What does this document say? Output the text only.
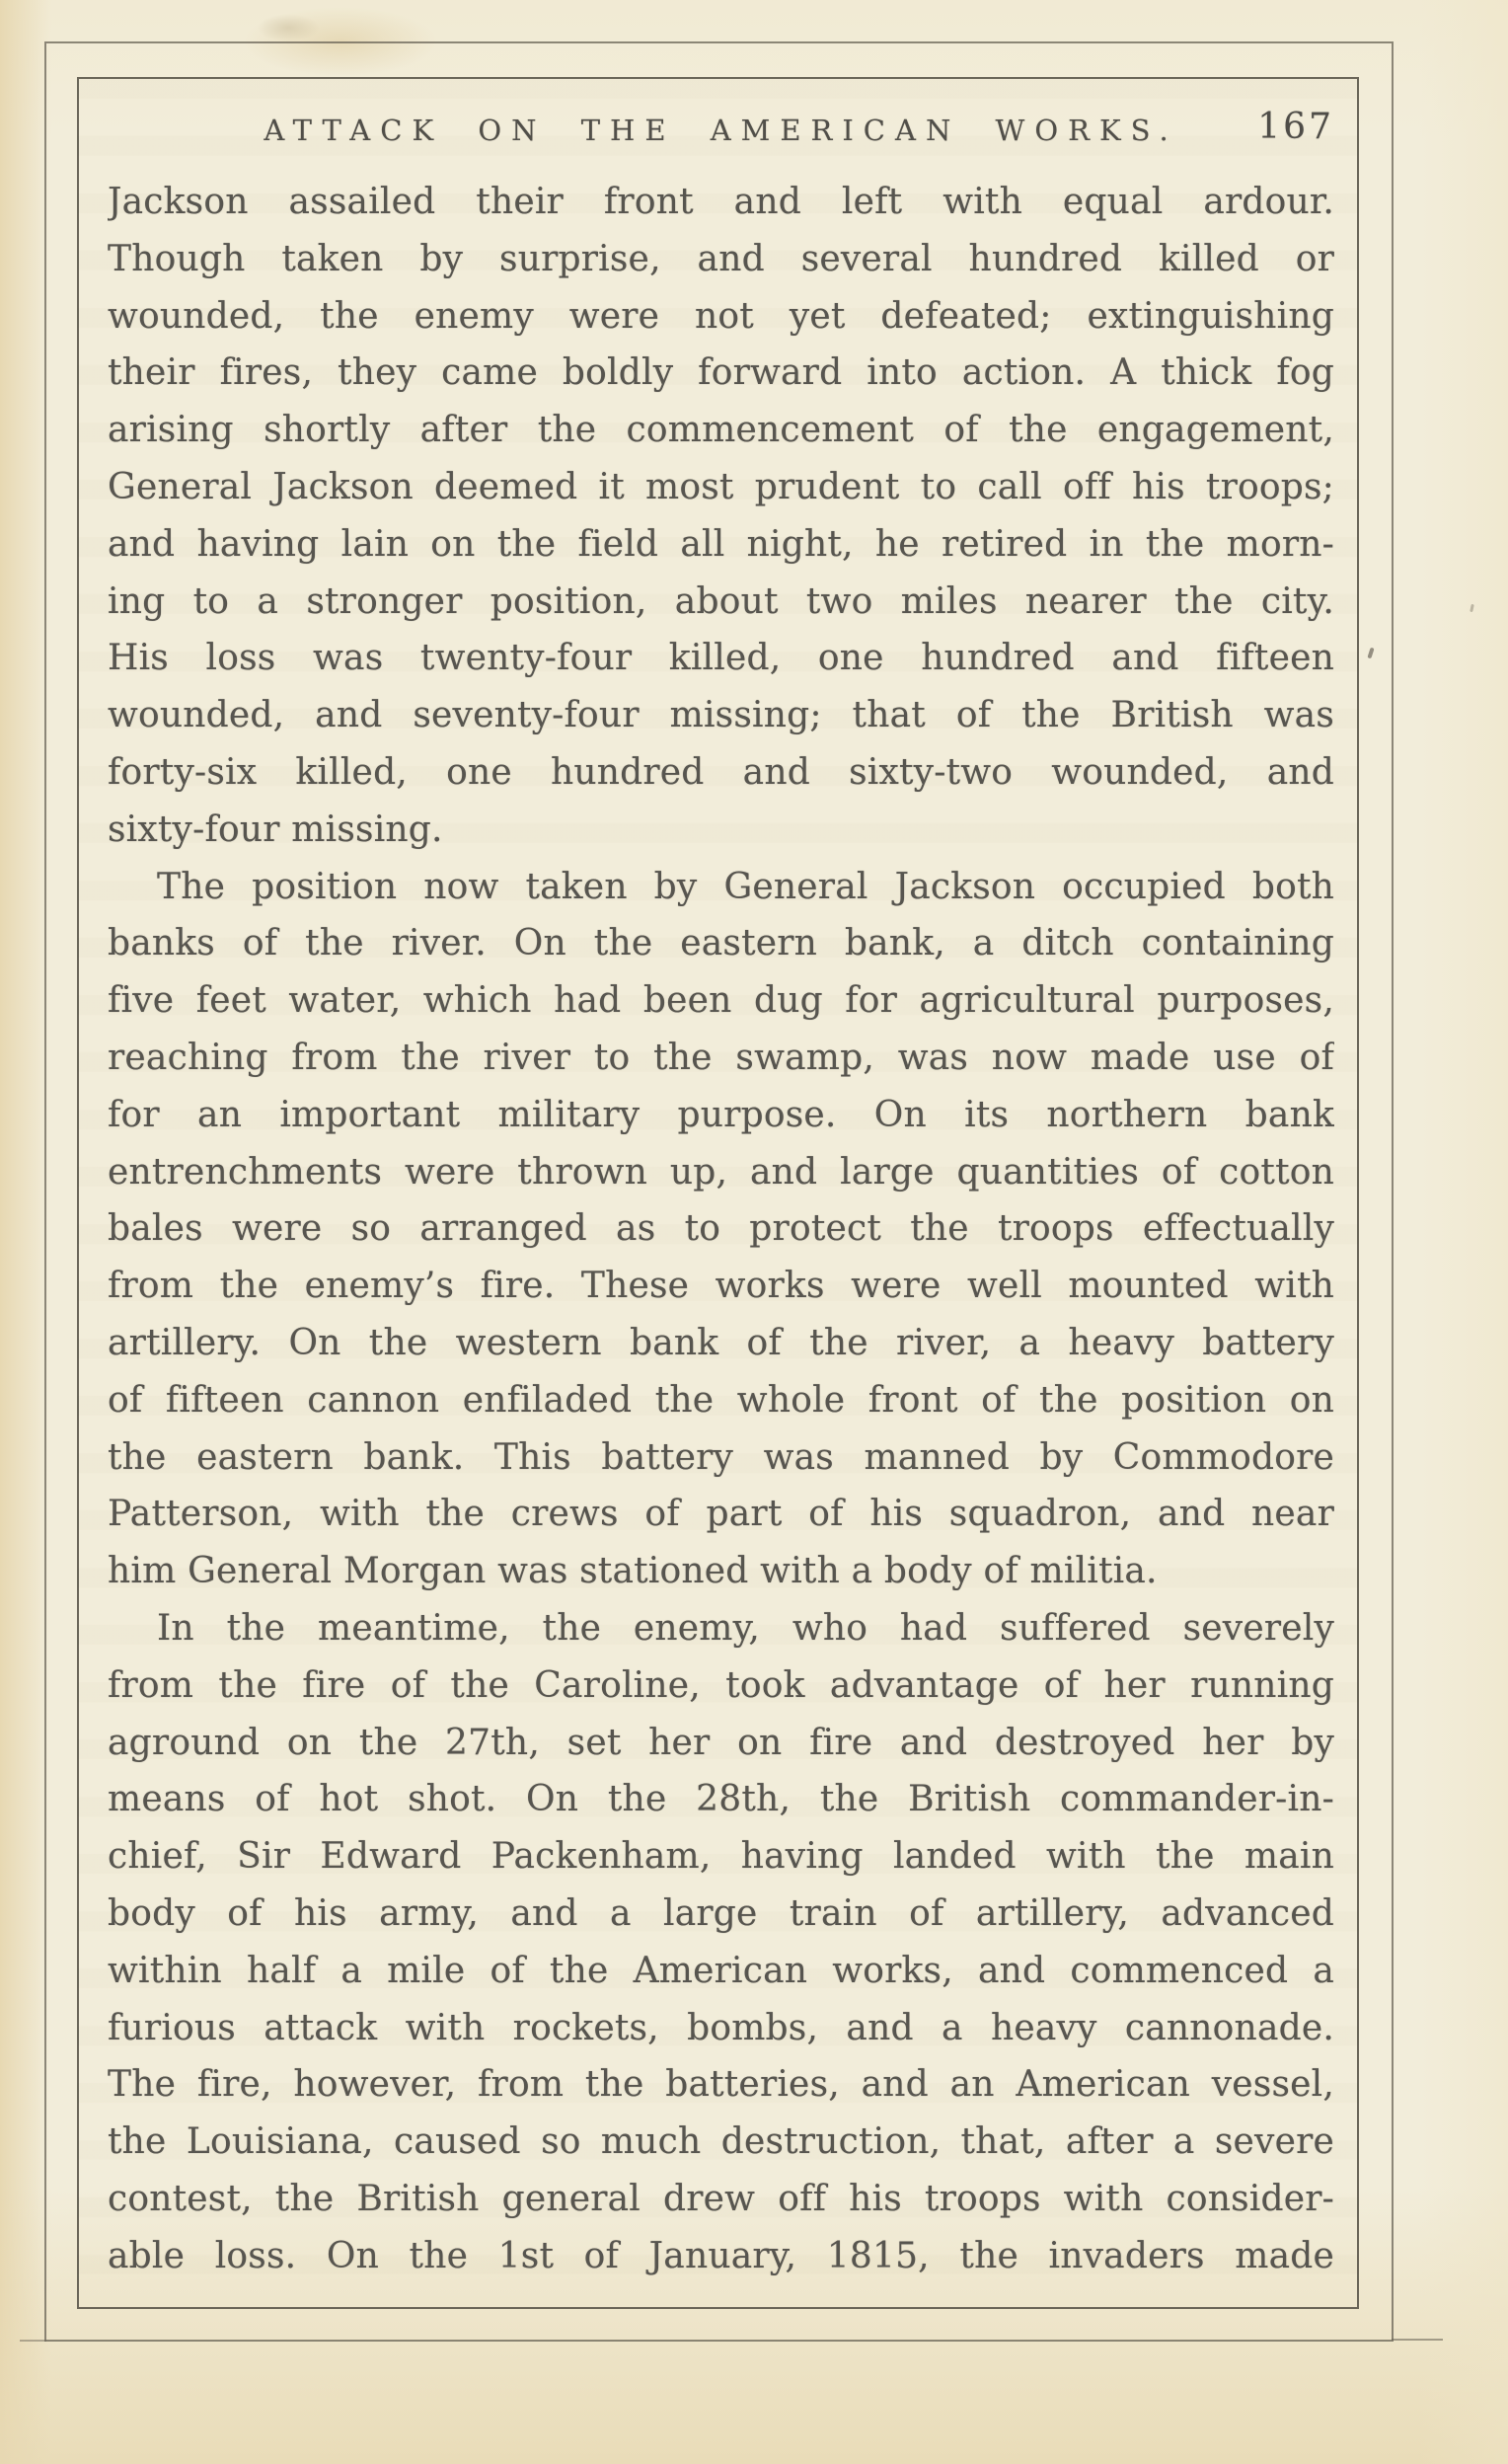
ATTACK ON THE AMERICAN WORKS. 167
Jackson assailed their front and left with equal ardour.
Though taken by surprise, and several hundred killed or
wounded, the enemy were not yet defeated; extinguishing
their fires, they came boldly forward into action. A thick fog
arising shortly after the commencement of the engagement,
General Jackson deemed it most prudent to call off his troops;
and having lain on the field all night, he retired in the morn-
ing to a stronger position, about two miles nearer the city.
His loss was twenty-four killed, one hundred and fifteen
wounded, and seventy-four missing; that of the British was
forty-six killed, one hundred and sixty-two wounded, and
sixty-four missing.
The position now taken by General Jackson occupied both
banks of the river. On the eastern bank, a ditch containing
five feet water, which had been dug for agricultural purposes,
reaching from the river to the swamp, was now made use of
for an important military purpose. On its northern bank
entrenchments were thrown up, and large quantities of cotton
bales were so arranged as to protect the troops effectually
from the enemy’s fire. These works were well mounted with
artillery. On the western bank of the river, a heavy battery
of fifteen cannon enfiladed the whole front of the position on
the eastern bank. This battery was manned by Commodore
Patterson, with the crews of part of his squadron, and near
him General Morgan was stationed with a body of militia.
In the meantime, the enemy, who had suffered severely
from the fire of the Caroline, took advantage of her running
aground on the 27th, set her on fire and destroyed her by
means of hot shot. On the 28th, the British commander-in-
chief, Sir Edward Packenham, having landed with the main
body of his army, and a large train of artillery, advanced
within half a mile of the American works, and commenced a
furious attack with rockets, bombs, and a heavy cannonade.
The fire, however, from the batteries, and an American vessel,
the Louisiana, caused so much destruction, that, after a severe
contest, the British general drew off his troops with consider-
able loss. On the 1st of January, 1815, the invaders made
